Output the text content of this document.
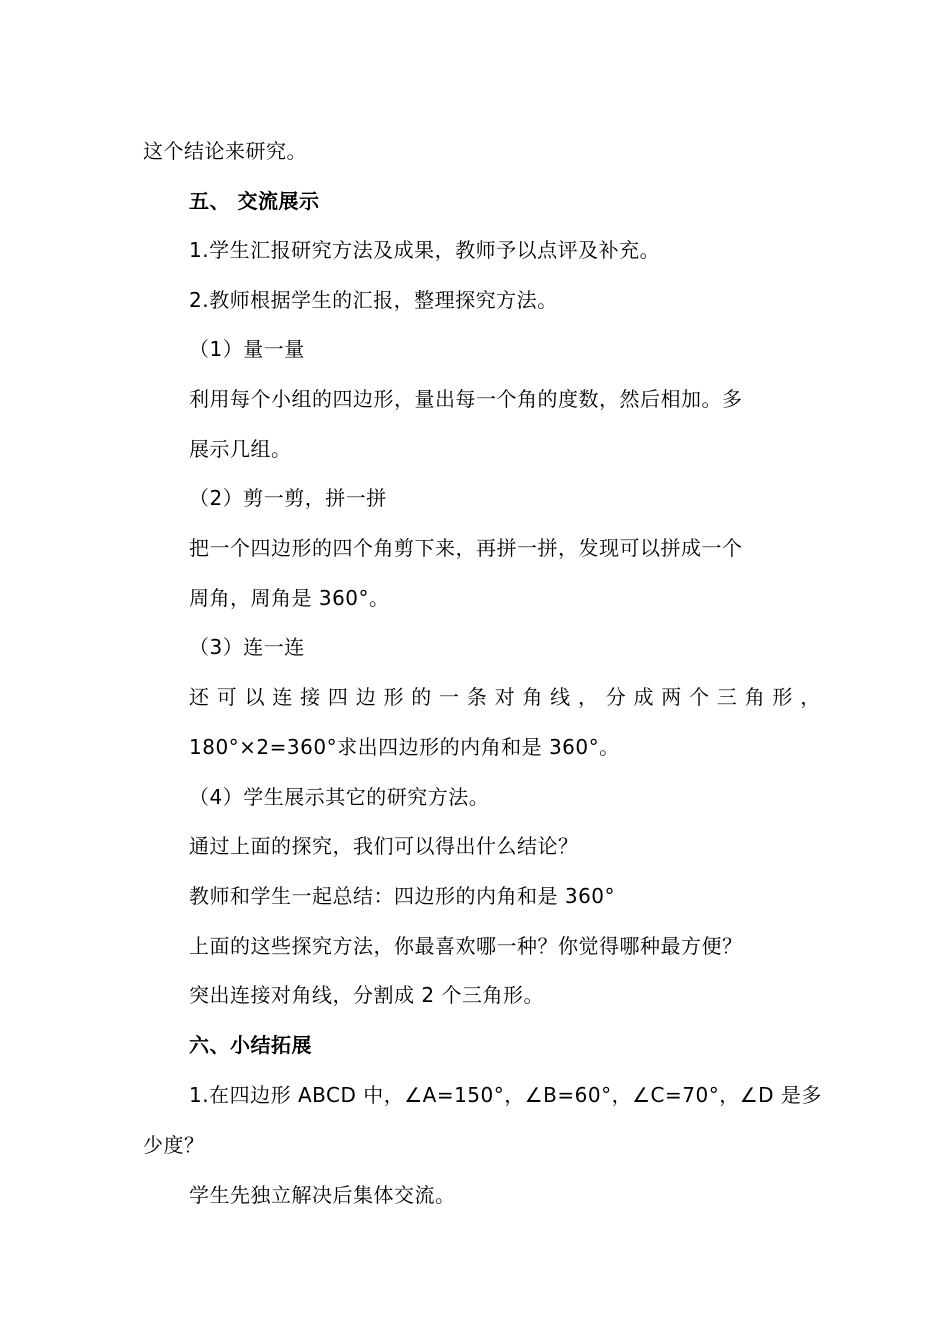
这个结论来研究。
五、 交流展示
1.学生汇报研究方法及成果，教师予以点评及补充。
2.教师根据学生的汇报，整理探究方法。
（1）量一量
利用每个小组的四边形，量出每一个角的度数，然后相加。多
展示几组。
（2）剪一剪，拼一拼
把一个四边形的四个角剪下来，再拼一拼，发现可以拼成一个
周角，周角是 360°。
（3）连一连
还 可 以 连 接 四 边 形 的 一 条 对 角 线 ， 分 成 两 个 三 角 形 ，
180°×2=360°求出四边形的内角和是 360°。
（4）学生展示其它的研究方法。
通过上面的探究，我们可以得出什么结论？
教师和学生一起总结：四边形的内角和是 360°
上面的这些探究方法，你最喜欢哪一种？你觉得哪种最方便？
突出连接对角线，分割成 2 个三角形。
六、小结拓展
1.在四边形 ABCD 中，∠A=150°，∠B=60°，∠C=70°，∠D 是多
少度？
学生先独立解决后集体交流。
